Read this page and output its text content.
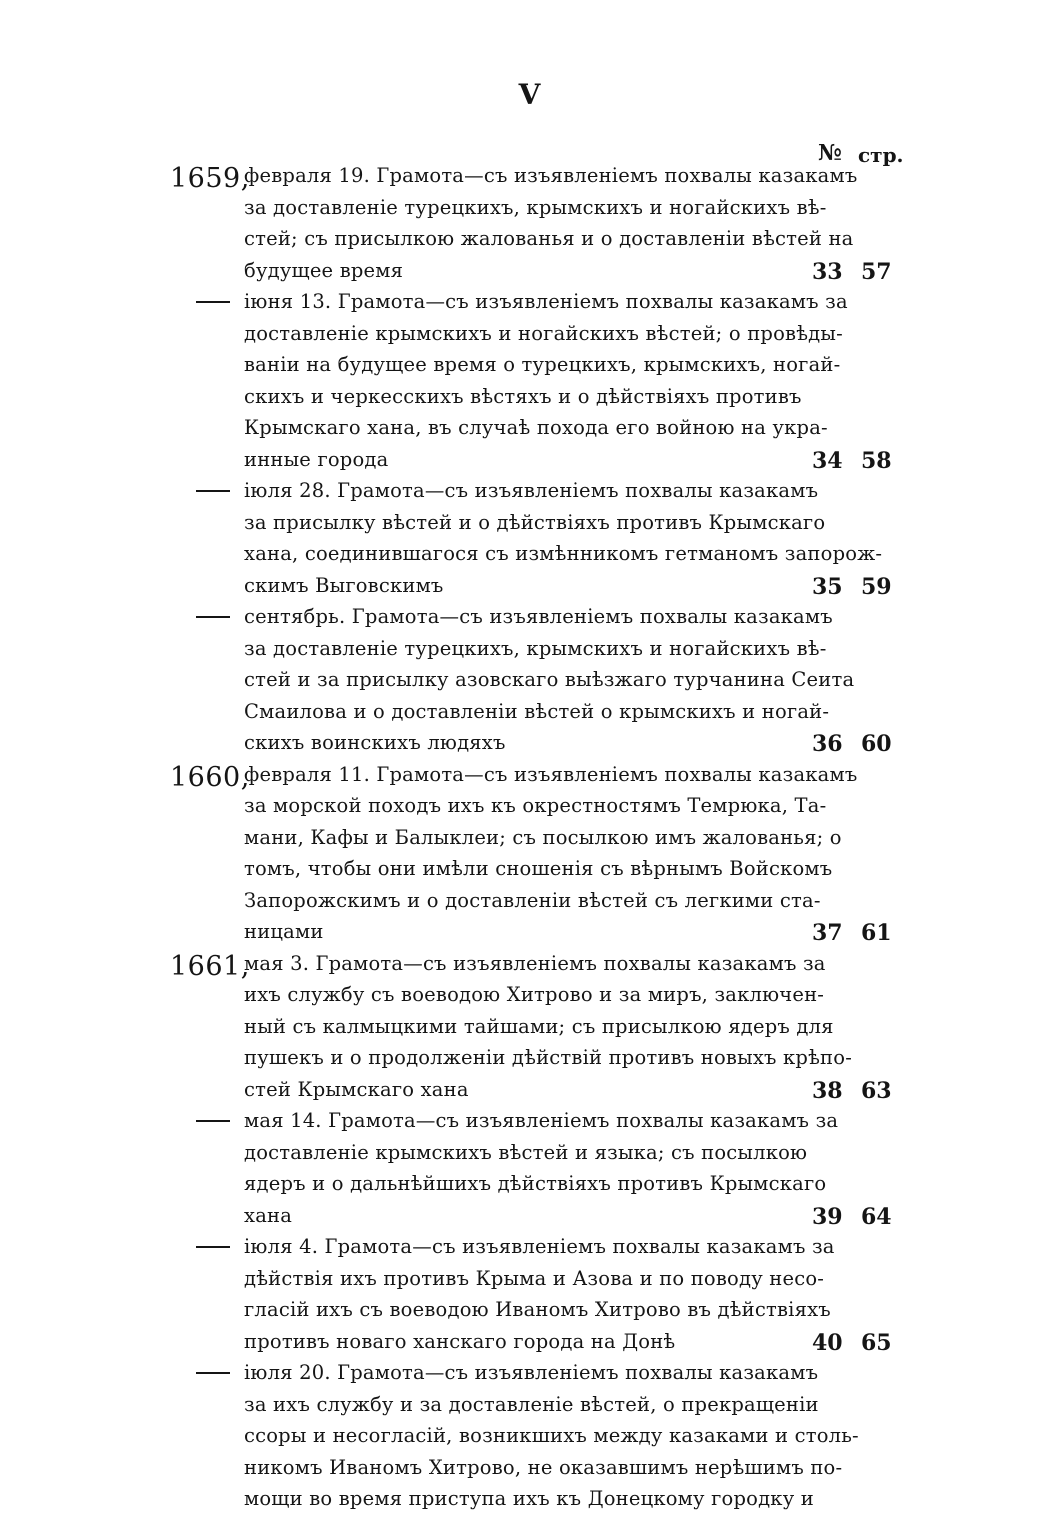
V
№ стр.
1659,
февраля 19. Грамота—съ изъявленіемъ похвалы казакамъ
за доставленіе турецкихъ, крымскихъ и ногайскихъ вѣ-
стей; съ присылкою жалованья и о доставленіи вѣстей на
будущее время	33 57
іюня 13. Грамота—съ изъявленіемъ похвалы казакамъ за
доставленіе крымскихъ и ногайскихъ вѣстей; о провѣды-
ваніи на будущее время о турецкихъ, крымскихъ, ногай-
скихъ и черкесскихъ вѣстяхъ и о дѣйствіяхъ противъ
Крымскаго хана, въ случаѣ похода его войною на укра-
инные города	34 58
іюля 28. Грамота—съ изъявленіемъ похвалы казакамъ
за присылку вѣстей и о дѣйствіяхъ противъ Крымскаго
хана, соединившагося съ измѣнникомъ гетманомъ запорож-
скимъ Выговскимъ	35 59
сентябрь. Грамота—съ изъявленіемъ похвалы казакамъ
за доставленіе турецкихъ, крымскихъ и ногайскихъ вѣ-
стей и за присылку азовскаго выѣзжаго турчанина Сеита
Смаилова и о доставленіи вѣстей о крымскихъ и ногай-
скихъ воинскихъ людяхъ	36 60
1660,
февраля 11. Грамота—съ изъявленіемъ похвалы казакамъ
за морской походъ ихъ къ окрестностямъ Темрюка, Та-
мани, Кафы и Балыклеи; съ посылкою имъ жалованья; о
томъ, чтобы они имѣли сношенія съ вѣрнымъ Войскомъ
Запорожскимъ и о доставленіи вѣстей съ легкими ста-
ницами	37 61
1661,
мая 3. Грамота—съ изъявленіемъ похвалы казакамъ за
ихъ службу съ воеводою Хитрово и за миръ, заключен-
ный съ калмыцкими тайшами; съ присылкою ядеръ для
пушекъ и о продолженіи дѣйствій противъ новыхъ крѣпо-
стей Крымскаго хана	38 63
мая 14. Грамота—съ изъявленіемъ похвалы казакамъ за
доставленіе крымскихъ вѣстей и языка; съ посылкою
ядеръ и о дальнѣйшихъ дѣйствіяхъ противъ Крымскаго
хана	39 64
іюля 4. Грамота—съ изъявленіемъ похвалы казакамъ за
дѣйствія ихъ противъ Крыма и Азова и по поводу несо-
гласій ихъ съ воеводою Иваномъ Хитрово въ дѣйствіяхъ
противъ новаго ханскаго города на Донѣ	40 65
іюля 20. Грамота—съ изъявленіемъ похвалы казакамъ
за ихъ службу и за доставленіе вѣстей, о прекращеніи
ссоры и несогласій, возникшихъ между казаками и столь-
никомъ Иваномъ Хитрово, не оказавшимъ нерѣшимъ по-
мощи во время приступа ихъ къ Донецкому городку и
